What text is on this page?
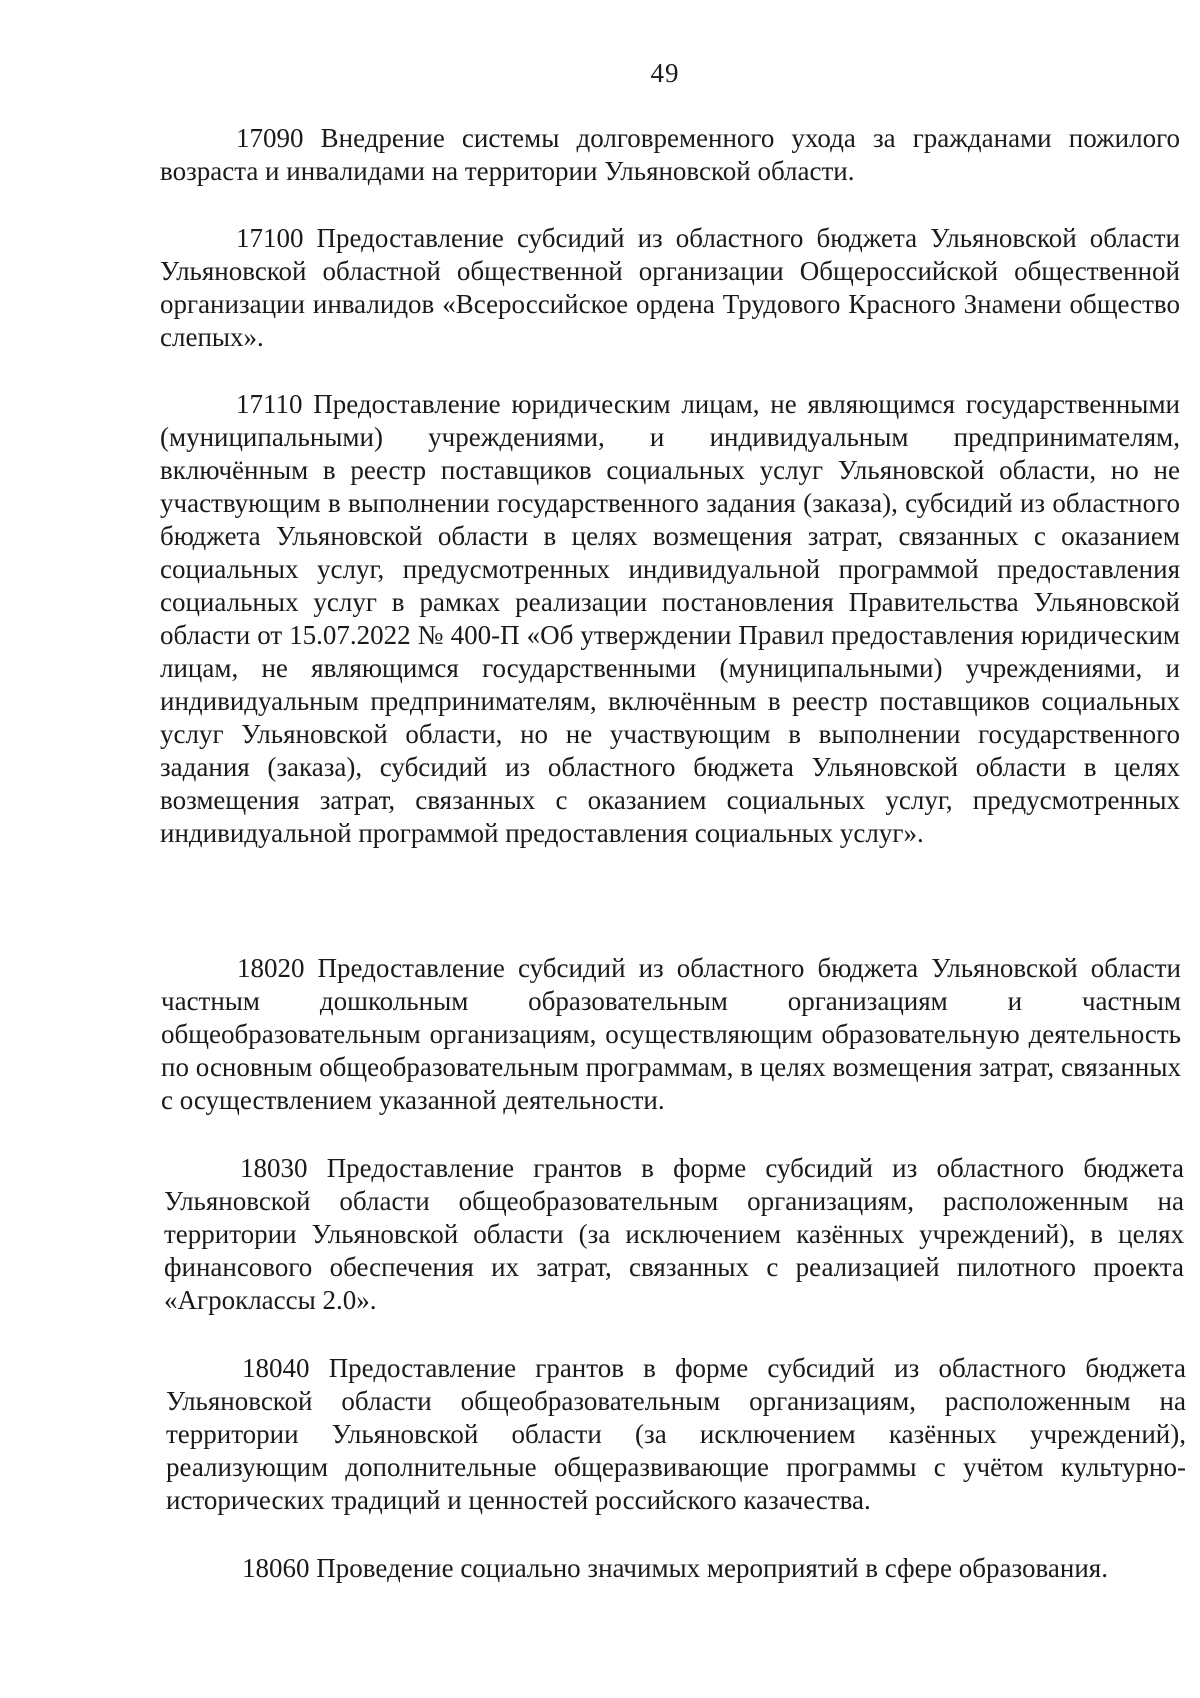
49

17090 Внедрение системы долговременного ухода за гражданами пожилого возраста и инвалидами на территории Ульяновской области.

17100 Предоставление субсидий из областного бюджета Ульяновской области Ульяновской областной общественной организации Общероссийской общественной организации инвалидов «Всероссийское ордена Трудового Красного Знамени общество слепых».

17110 Предоставление юридическим лицам, не являющимся государственными (муниципальными) учреждениями, и индивидуальным предпринимателям, включённым в реестр поставщиков социальных услуг Ульяновской области, но не участвующим в выполнении государственного задания (заказа), субсидий из областного бюджета Ульяновской области в целях возмещения затрат, связанных с оказанием социальных услуг, предусмотренных индивидуальной программой предоставления социальных услуг в рамках реализации постановления Правительства Ульяновской области от 15.07.2022 № 400-П «Об утверждении Правил предоставления юридическим лицам, не являющимся государственными (муниципальными) учреждениями, и индивидуальным предпринимателям, включённым в реестр поставщиков социальных услуг Ульяновской области, но не участвующим в выполнении государственного задания (заказа), субсидий из областного бюджета Ульяновской области в целях возмещения затрат, связанных с оказанием социальных услуг, предусмотренных индивидуальной программой предоставления социальных услуг».

18020 Предоставление субсидий из областного бюджета Ульяновской области частным дошкольным образовательным организациям и частным общеобразовательным организациям, осуществляющим образовательную деятельность по основным общеобразовательным программам, в целях возмещения затрат, связанных с осуществлением указанной деятельности.

18030 Предоставление грантов в форме субсидий из областного бюджета Ульяновской области общеобразовательным организациям, расположенным на территории Ульяновской области (за исключением казённых учреждений), в целях финансового обеспечения их затрат, связанных с реализацией пилотного проекта «Агроклассы 2.0».

18040 Предоставление грантов в форме субсидий из областного бюджета Ульяновской области общеобразовательным организациям, расположенным на территории Ульяновской области (за исключением казённых учреждений), реализующим дополнительные общеразвивающие программы с учётом культурно-исторических традиций и ценностей российского казачества.

18060 Проведение социально значимых мероприятий в сфере образования.
